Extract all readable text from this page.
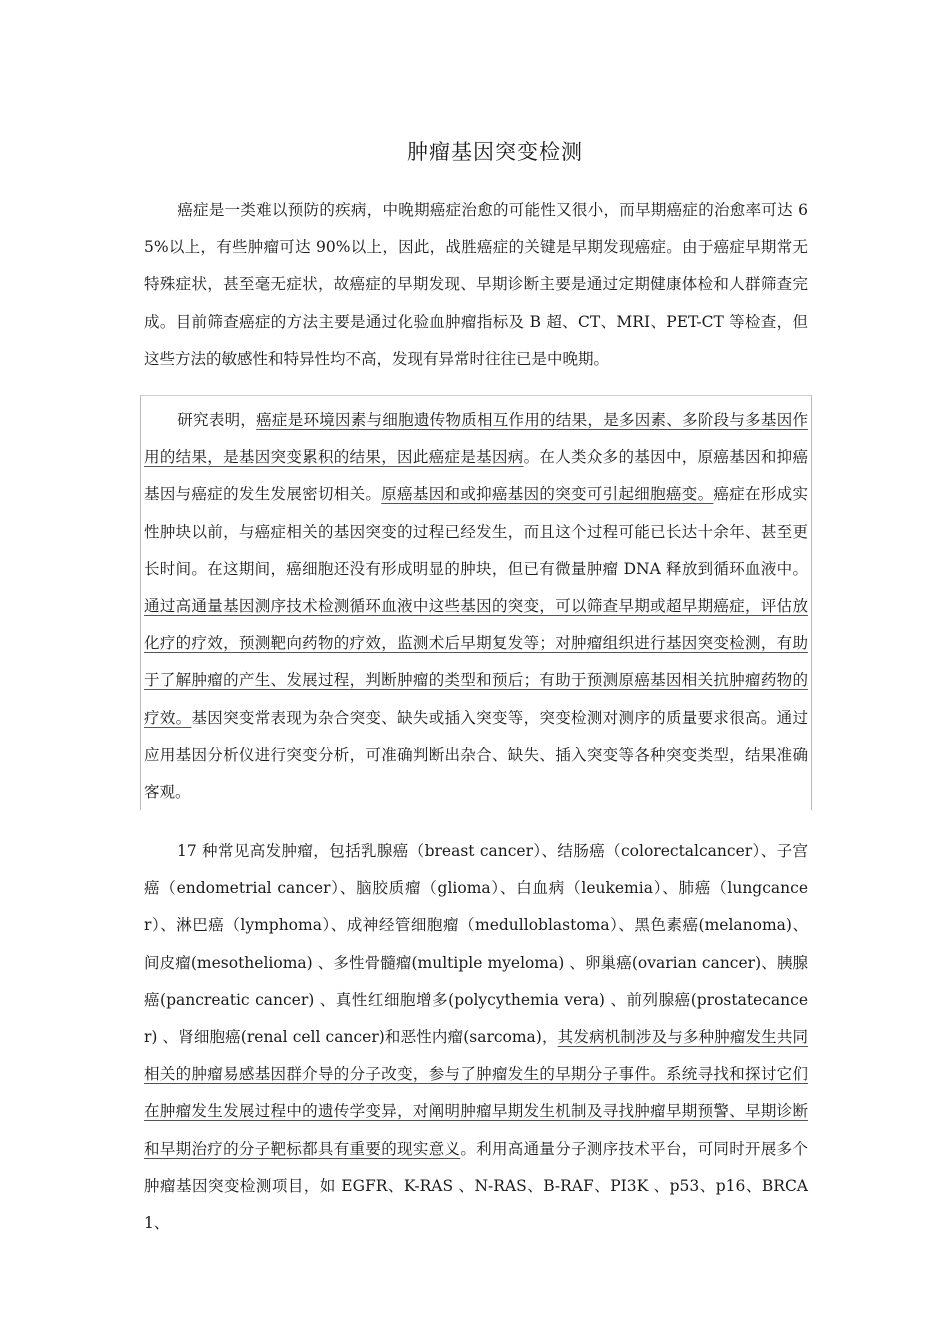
肿瘤基因突变检测

癌症是一类难以预防的疾病，中晚期癌症治愈的可能性又很小，而早期癌症的治愈率可达 65%以上，有些肿瘤可达 90%以上，因此，战胜癌症的关键是早期发现癌症。由于癌症早期常无特殊症状，甚至毫无症状，故癌症的早期发现、早期诊断主要是通过定期健康体检和人群筛查完成。目前筛查癌症的方法主要是通过化验血肿瘤指标及 B 超、CT、MRI、PET-CT 等检查，但这些方法的敏感性和特异性均不高，发现有异常时往往已是中晚期。

研究表明，癌症是环境因素与细胞遗传物质相互作用的结果，是多因素、多阶段与多基因作用的结果，是基因突变累积的结果，因此癌症是基因病。在人类众多的基因中，原癌基因和抑癌基因与癌症的发生发展密切相关。原癌基因和或抑癌基因的突变可引起细胞癌变。癌症在形成实性肿块以前，与癌症相关的基因突变的过程已经发生，而且这个过程可能已长达十余年、甚至更长时间。在这期间，癌细胞还没有形成明显的肿块，但已有微量肿瘤 DNA 释放到循环血液中。通过高通量基因测序技术检测循环血液中这些基因的突变，可以筛查早期或超早期癌症，评估放化疗的疗效，预测靶向药物的疗效，监测术后早期复发等；对肿瘤组织进行基因突变检测，有助于了解肿瘤的产生、发展过程，判断肿瘤的类型和预后；有助于预测原癌基因相关抗肿瘤药物的疗效。基因突变常表现为杂合突变、缺失或插入突变等，突变检测对测序的质量要求很高。通过应用基因分析仪进行突变分析，可准确判断出杂合、缺失、插入突变等各种突变类型，结果准确客观。

17 种常见高发肿瘤，包括乳腺癌（breast cancer）、结肠癌（colorectalcancer）、子宫癌（endometrial cancer）、脑胶质瘤（glioma）、白血病（leukemia）、肺癌（lungcancer）、淋巴癌（lymphoma）、成神经管细胞瘤（medulloblastoma）、黑色素癌(melanoma)、间皮瘤(mesothelioma) 、多性骨髓瘤(multiple myeloma) 、卵巢癌(ovarian cancer)、胰腺癌(pancreatic cancer) 、真性红细胞增多(polycythemia vera) 、前列腺癌(prostatecancer) 、肾细胞癌(renal cell cancer)和恶性内瘤(sarcoma)，其发病机制涉及与多种肿瘤发生共同相关的肿瘤易感基因群介导的分子改变，参与了肿瘤发生的早期分子事件。系统寻找和探讨它们在肿瘤发生发展过程中的遗传学变异，对阐明肿瘤早期发生机制及寻找肿瘤早期预警、早期诊断和早期治疗的分子靶标都具有重要的现实意义。利用高通量分子测序技术平台，可同时开展多个肿瘤基因突变检测项目，如 EGFR、K-RAS 、N-RAS、B-RAF、PI3K 、p53、p16、BRCA1、
